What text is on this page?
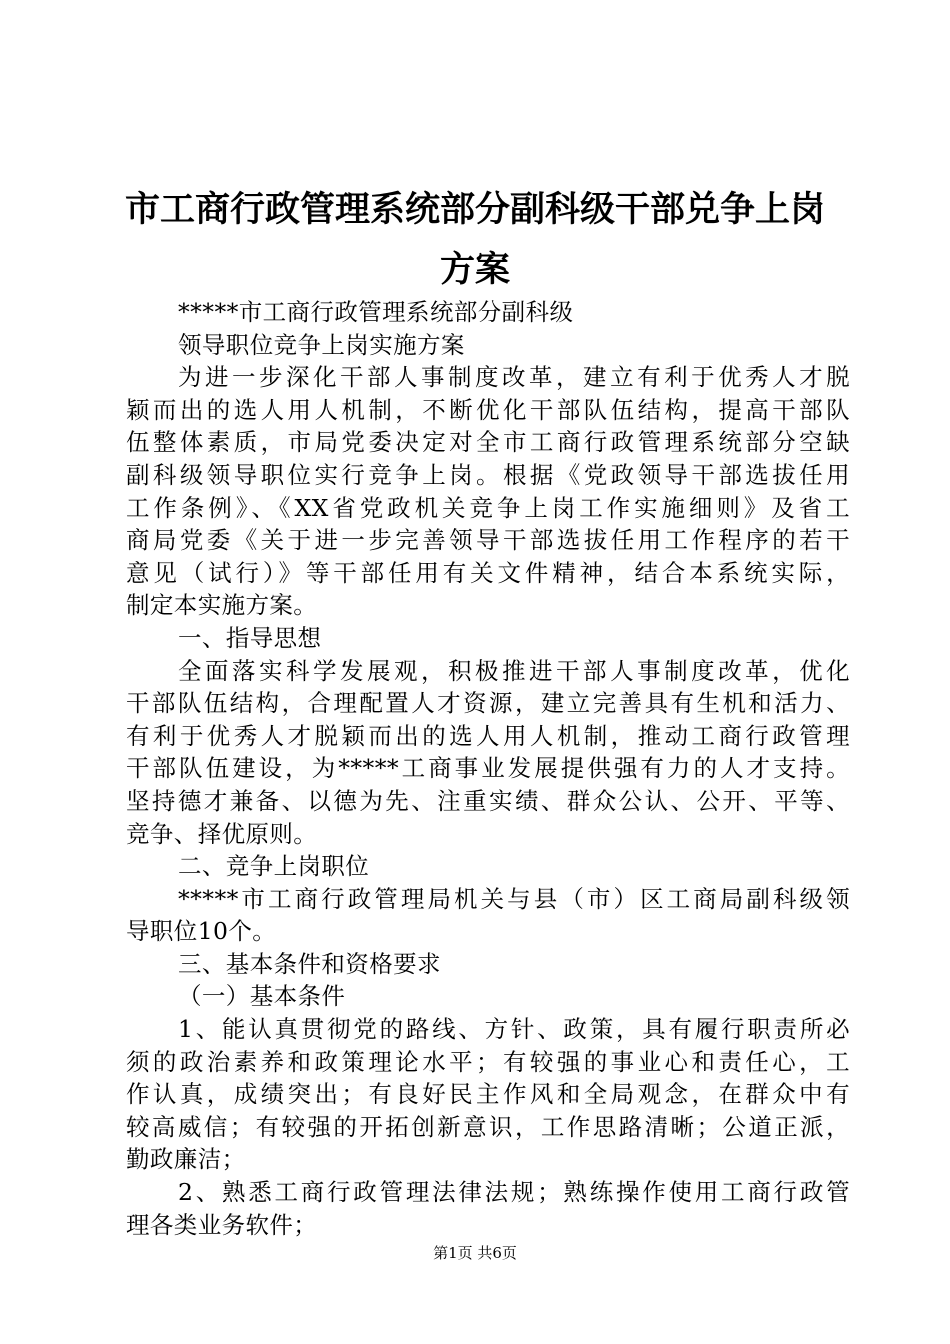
市工商行政管理系统部分副科级干部兑争上岗
方案
*****市工商行政管理系统部分副科级
领导职位竞争上岗实施方案
为进一步深化干部人事制度改革，建立有利于优秀人才脱
颖而出的选人用人机制，不断优化干部队伍结构，提高干部队
伍整体素质，市局党委决定对全市工商行政管理系统部分空缺
副科级领导职位实行竞争上岗。根据《党政领导干部选拔任用
工作条例》、《XX省党政机关竞争上岗工作实施细则》及省工
商局党委《关于进一步完善领导干部选拔任用工作程序的若干
意见（试行）》等干部任用有关文件精神，结合本系统实际，
制定本实施方案。
一、指导思想
全面落实科学发展观，积极推进干部人事制度改革，优化
干部队伍结构，合理配置人才资源，建立完善具有生机和活力、
有利于优秀人才脱颖而出的选人用人机制，推动工商行政管理
干部队伍建设，为*****工商事业发展提供强有力的人才支持。
坚持德才兼备、以德为先、注重实绩、群众公认、公开、平等、
竞争、择优原则。
二、竞争上岗职位
*****市工商行政管理局机关与县（市）区工商局副科级领
导职位10个。
三、基本条件和资格要求
（一）基本条件
1、能认真贯彻党的路线、方针、政策，具有履行职责所必
须的政治素养和政策理论水平；有较强的事业心和责任心，工
作认真，成绩突出；有良好民主作风和全局观念，在群众中有
较高威信；有较强的开拓创新意识，工作思路清晰；公道正派，
勤政廉洁；
2、熟悉工商行政管理法律法规；熟练操作使用工商行政管
理各类业务软件；
第1页 共6页
